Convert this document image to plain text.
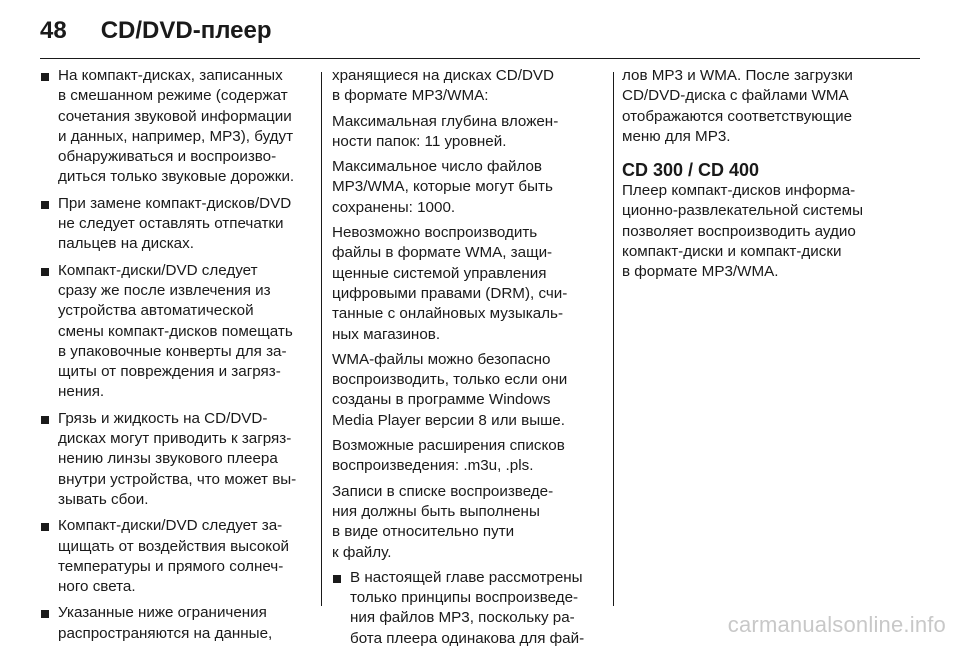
48 CD/DVD-плеер
На компакт-дисках, записанных
в смешанном режиме (содержат
сочетания звуковой информации
и данных, например, MP3), будут
обнаруживаться и воспроизво-
диться только звуковые дорожки.
При замене компакт-дисков/DVD
не следует оставлять отпечатки
пальцев на дисках.
Компакт-диски/DVD следует
сразу же после извлечения из
устройства автоматической
смены компакт-дисков помещать
в упаковочные конверты для за-
щиты от повреждения и загряз-
нения.
Грязь и жидкость на CD/DVD-
дисках могут приводить к загряз-
нению линзы звукового плеера
внутри устройства, что может вы-
зывать сбои.
Компакт-диски/DVD следует за-
щищать от воздействия высокой
температуры и прямого солнеч-
ного света.
Указанные ниже ограничения
распространяются на данные,
хранящиеся на дисках CD/DVD
в формате MP3/WMA:
Максимальная глубина вложен-
ности папок: 11 уровней.
Максимальное число файлов
MP3/WMA, которые могут быть
сохранены: 1000.
Невозможно воспроизводить
файлы в формате WMA, защи-
щенные системой управления
цифровыми правами (DRM), счи-
танные с онлайновых музыкаль-
ных магазинов.
WMA-файлы можно безопасно
воспроизводить, только если они
созданы в программе Windows
Media Player версии 8 или выше.
Возможные расширения списков
воспроизведения: .m3u, .pls.
Записи в списке воспроизведе-
ния должны быть выполнены
в виде относительно пути
к файлу.
В настоящей главе рассмотрены
только принципы воспроизведе-
ния файлов MP3, поскольку ра-
бота плеера одинакова для фай-
лов MP3 и WMA. После загрузки
CD/DVD-диска с файлами WMA
отображаются соответствующие
меню для MP3.
CD 300 / CD 400
Плеер компакт-дисков информа-
ционно-развлекательной системы
позволяет воспроизводить аудио
компакт-диски и компакт-диски
в формате MP3/WMA.
carmanualsonline.info
